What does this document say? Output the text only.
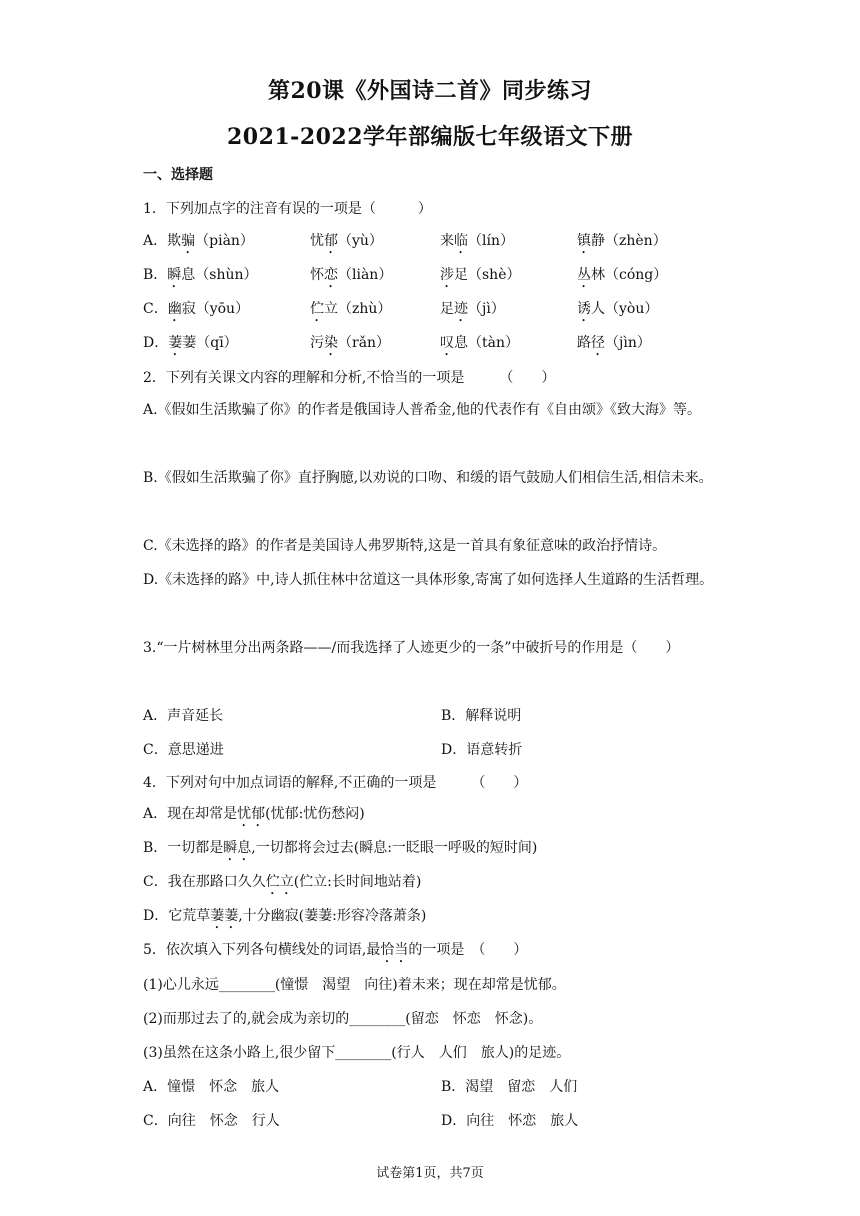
第20课《外国诗二首》同步练习
2021-2022学年部编版七年级语文下册
一、选择题
1．下列加点字的注音有误的一项是（　　　）
A．欺骗（piàn）	忧郁（yù）	来临（lín）	镇静（zhèn）
B．瞬息（shùn）	怀恋（liàn）	涉足（shè）	丛林（cóng）
C．幽寂（yōu）	伫立（zhù）	足迹（jì）	诱人（yòu）
D．萋萋（qī）	污染（rǎn）	叹息（tàn）	路径（jìn）
2．下列有关课文内容的理解和分析,不恰当的一项是　　　（　　）
A.《假如生活欺骗了你》的作者是俄国诗人普希金,他的代表作有《自由颂》《致大海》等。
B.《假如生活欺骗了你》直抒胸臆,以劝说的口吻、和缓的语气鼓励人们相信生活,相信未来。
C.《未选择的路》的作者是美国诗人弗罗斯特,这是一首具有象征意味的政治抒情诗。
D.《未选择的路》中,诗人抓住林中岔道这一具体形象,寄寓了如何选择人生道路的生活哲理。
3.“一片树林里分出两条路——/而我选择了人迹更少的一条”中破折号的作用是（　　）
A．声音延长	B．解释说明
C．意思递进	D．语意转折
4．下列对句中加点词语的解释,不正确的一项是　　　（　　）
A．现在却常是忧郁(忧郁:忧伤愁闷)
B．一切都是瞬息,一切都将会过去(瞬息:一眨眼一呼吸的短时间)
C．我在那路口久久伫立(伫立:长时间地站着)
D．它荒草萋萋,十分幽寂(萋萋:形容冷落萧条)
5．依次填入下列各句横线处的词语,最恰当的一项是　（　　）
(1)心儿永远________(憧憬　渴望　向往)着未来；现在却常是忧郁。
(2)而那过去了的,就会成为亲切的________(留恋　怀恋　怀念)。
(3)虽然在这条小路上,很少留下________(行人　人们　旅人)的足迹。
A．憧憬　怀念　旅人	B．渴望　留恋　人们
C．向往　怀念　行人	D．向往　怀恋　旅人
试卷第1页，共7页
